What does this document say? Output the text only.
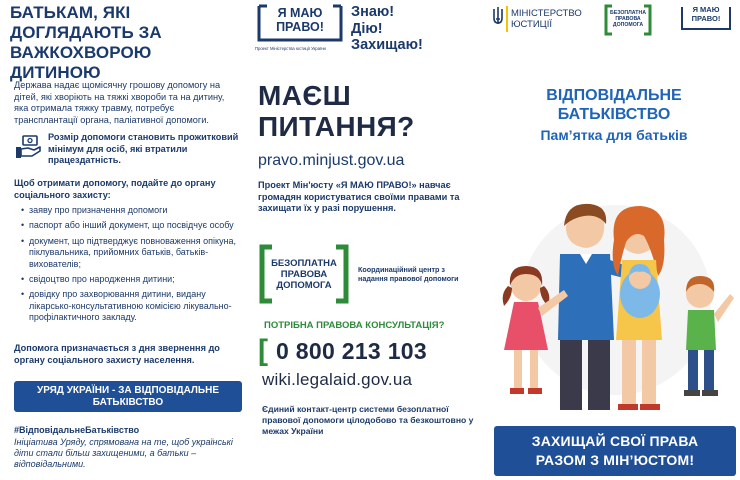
БАТЬКАМ, ЯКІ ДОГЛЯДАЮТЬ ЗА ВАЖКОХВОРОЮ ДИТИНОЮ
Держава надає щомісячну грошову допомогу на дітей, які хворіють на тяжкі хвороби та на дитину, яка отримала тяжку травму, потребує трансплантації органа, паліативної допомоги.
Розмір допомоги становить прожитковий мінімум для осіб, які втратили працездатність.
Щоб отримати допомогу, подайте до органу соціального захисту:
• заяву про призначення допомоги
• паспорт або інший документ, що посвідчує особу
• документ, що підтверджує повноваження опікуна, піклувальника, прийомних батьків, батьків-вихователів;
• свідоцтво про народження дитини;
• довідку про захворювання дитини, видану лікарсько-консультативною комісією лікувально-профілактичного закладу.
Допомога призначається з дня звернення до органу соціального захисту населення.
УРЯД УКРАЇНИ - ЗА ВІДПОВІДАЛЬНЕ БАТЬКІВСТВО
#ВідповідальнеБатьківство
Ініціатива Уряду, спрямована на те, щоб українські діти стали більш захищеними, а батьки – відповідальними.
Я МАЮ
ПРАВО!
Проект Міністерства юстиції України
Знаю!
Дію!
Захищаю!
МАЄШ
ПИТАННЯ?
pravo.minjust.gov.ua
Проект Мін'юсту «Я МАЮ ПРАВО!» навчає громадян користуватися своїми правами та захищати їх у разі порушення.
БЕЗОПЛАТНА
ПРАВОВА
ДОПОМОГА
Координаційний центр з надання правової допомоги
ПОТРІБНА ПРАВОВА КОНСУЛЬТАЦІЯ?
[ 0 800 213 103
wiki.legalaid.gov.ua
Єдиний контакт-центр системи безоплатної правової допомоги цілодобово та безкоштовно у межах України
МІНІСТЕРСТВО
ЮСТИЦІЇ
БЕЗОПЛАТНА
ПРАВОВА
ДОПОМОГА
Я МАЮ
ПРАВО!
ВІДПОВІДАЛЬНЕ
БАТЬКІВСТВО
Пам’ятка для батьків
ЗАХИЩАЙ СВОЇ ПРАВА
РАЗОМ З МІН’ЮСТОМ!
